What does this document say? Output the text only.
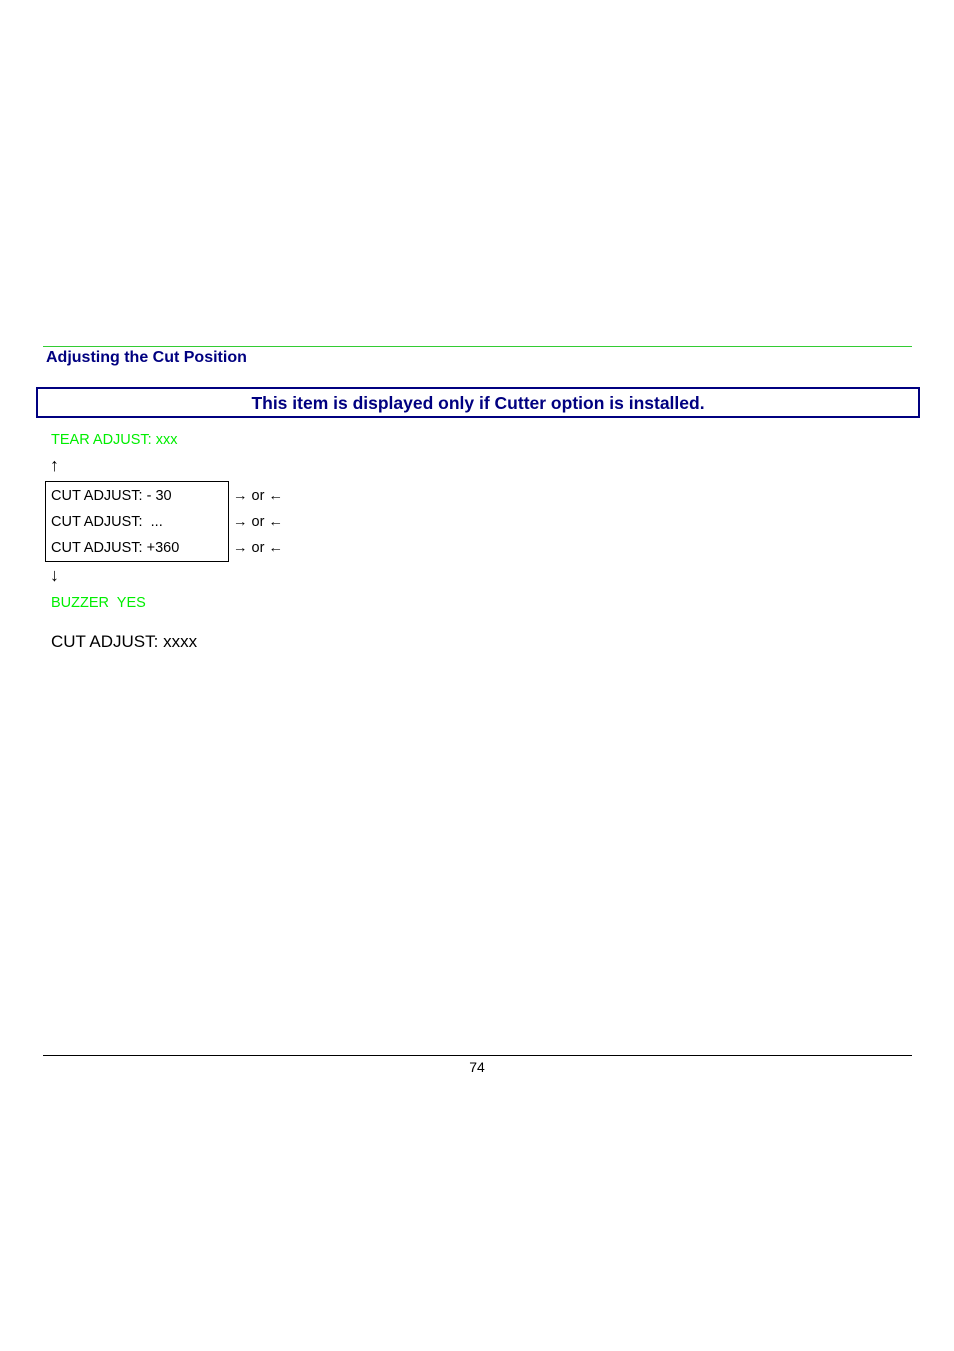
Adjusting the Cut Position
This item is displayed only if Cutter option is installed.
TEAR ADJUST: xxx
↑
CUT ADJUST: - 30
CUT ADJUST:  ...
CUT ADJUST: +360
→ or ←
→ or ←
→ or ←
↓
BUZZER  YES
CUT ADJUST: xxxx
74
